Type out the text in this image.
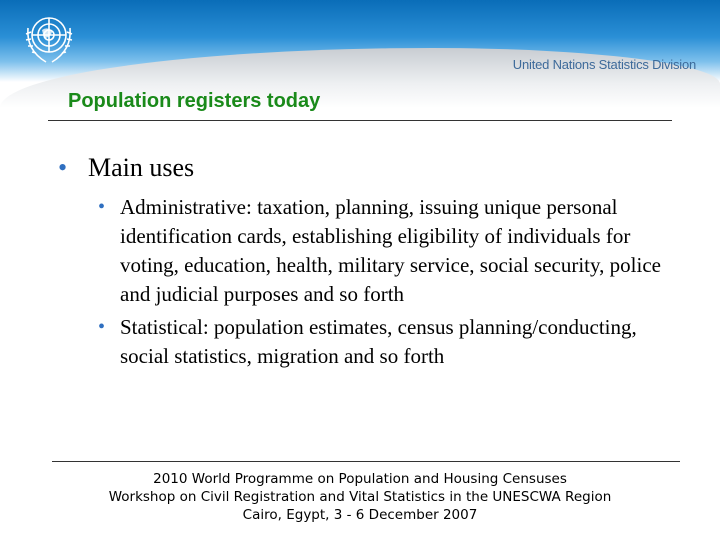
United Nations Statistics Division
Population registers today
• Main uses
• Administrative: taxation, planning, issuing unique personal identification cards, establishing eligibility of individuals for voting, education, health, military service, social security, police and judicial purposes and so forth
• Statistical: population estimates, census planning/conducting, social statistics, migration and so forth
2010 World Programme on Population and Housing Censuses
Workshop on Civil Registration and Vital Statistics in the UNESCWA Region
Cairo, Egypt, 3 - 6 December 2007
